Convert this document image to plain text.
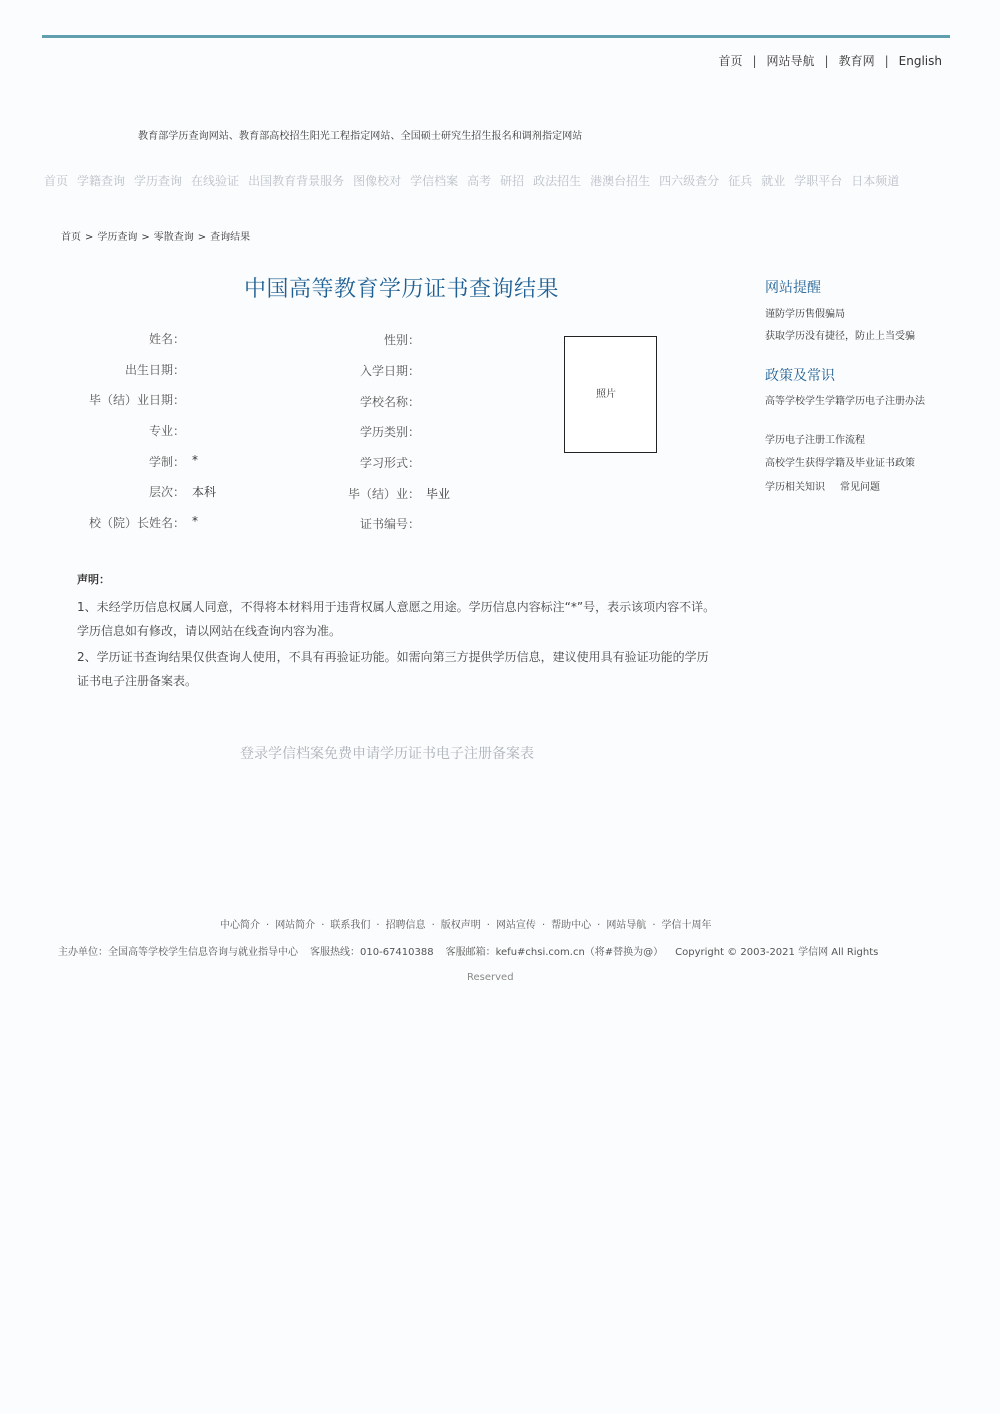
首页 | 网站导航 | 教育网 | English
教育部学历查询网站、教育部高校招生阳光工程指定网站、全国硕士研究生招生报名和调剂指定网站
首页 学籍查询 学历查询 在线验证 出国教育背景服务 图像校对 学信档案 高考 研招 政法招生 港澳台招生 四六级查分 征兵 就业 学职平台 日本频道
首页 > 学历查询 > 零散查询 > 查询结果
中国高等教育学历证书查询结果
姓名：
出生日期：
毕（结）业日期：
专业：
学制： *
层次： 本科
校（院）长姓名： *
性别：
入学日期：
学校名称：
学历类别：
学习形式：
毕（结）业： 毕业
证书编号：
照片
网站提醒
谨防学历售假骗局
获取学历没有捷径，防止上当受骗
政策及常识
高等学校学生学籍学历电子注册办法
学历电子注册工作流程
高校学生获得学籍及毕业证书政策
学历相关知识 常见问题
声明：
1、未经学历信息权属人同意，不得将本材料用于违背权属人意愿之用途。学历信息内容标注“*”号，表示该项内容不详。学历信息如有修改，请以网站在线查询内容为准。
2、学历证书查询结果仅供查询人使用，不具有再验证功能。如需向第三方提供学历信息，建议使用具有验证功能的学历证书电子注册备案表。
登录学信档案免费申请学历证书电子注册备案表
中心简介 · 网站简介 · 联系我们 · 招聘信息 · 版权声明 · 网站宣传 · 帮助中心 · 网站导航 · 学信十周年
主办单位：全国高等学校学生信息咨询与就业指导中心 客服热线：010-67410388 客服邮箱：kefu#chsi.com.cn（将#替换为@） Copyright © 2003-2021 学信网 All Rights
Reserved
